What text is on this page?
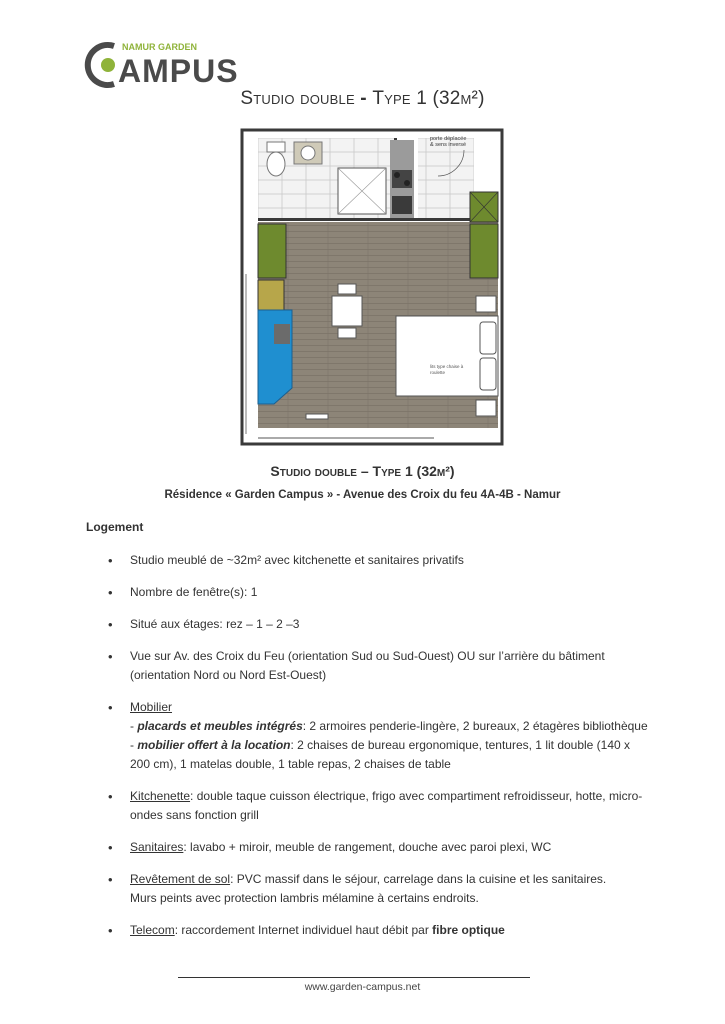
NAMUR GARDEN
AMPUS
Studio double - Type 1 (32m²)
porte déplacée
& sens inversé
lits type chaise à
roulette
Studio double – Type 1 (32m²)
Résidence « Garden Campus » - Avenue des Croix du feu 4A-4B - Namur
Logement
• Studio meublé de ~32m² avec kitchenette et sanitaires privatifs
• Nombre de fenêtre(s): 1
• Situé aux étages: rez – 1 – 2 –3
• Vue sur Av. des Croix du Feu (orientation Sud ou Sud-Ouest) OU sur l’arrière du bâtiment (orientation Nord ou Nord Est-Ouest)
• Mobilier
- placards et meubles intégrés: 2 armoires penderie-lingère, 2 bureaux, 2 étagères bibliothèque
- mobilier offert à la location: 2 chaises de bureau ergonomique, tentures, 1 lit double (140 x 200 cm), 1 matelas double, 1 table repas, 2 chaises de table
• Kitchenette: double taque cuisson électrique, frigo avec compartiment refroidisseur, hotte, micro-ondes sans fonction grill
• Sanitaires: lavabo + miroir, meuble de rangement, douche avec paroi plexi, WC
• Revêtement de sol: PVC massif dans le séjour, carrelage dans la cuisine et les sanitaires.
Murs peints avec protection lambris mélamine à certains endroits.
• Telecom: raccordement Internet individuel haut débit par fibre optique
www.garden-campus.net
